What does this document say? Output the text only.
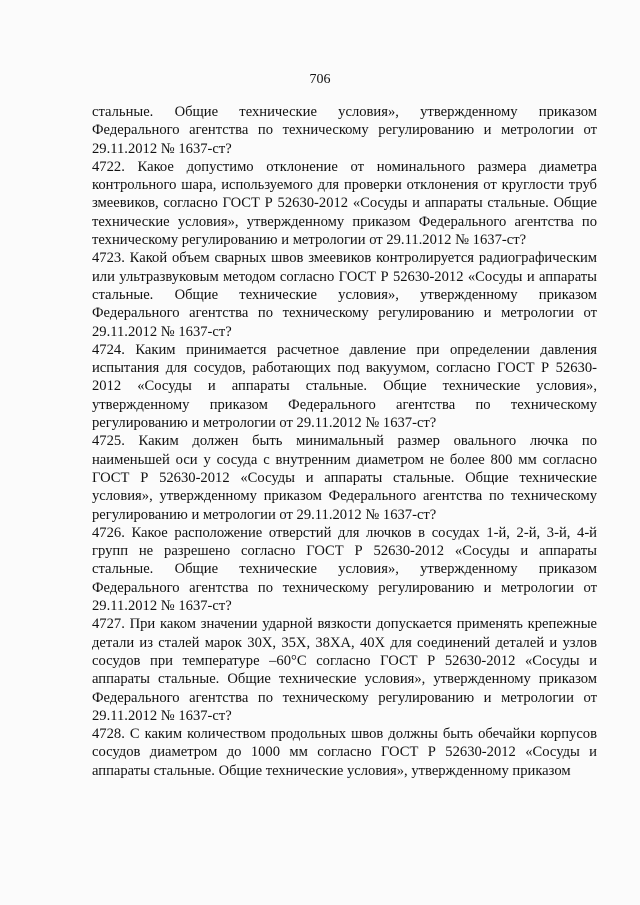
706

стальные. Общие технические условия», утвержденному приказом Федерального агентства по техническому регулированию и метрологии от 29.11.2012 № 1637-ст?

4722. Какое допустимо отклонение от номинального размера диаметра контрольного шара, используемого для проверки отклонения от круглости труб змеевиков, согласно ГОСТ Р 52630-2012 «Сосуды и аппараты стальные. Общие технические условия», утвержденному приказом Федерального агентства по техническому регулированию и метрологии от 29.11.2012 № 1637-ст?

4723. Какой объем сварных швов змеевиков контролируется радиографическим или ультразвуковым методом согласно ГОСТ Р 52630-2012 «Сосуды и аппараты стальные. Общие технические условия», утвержденному приказом Федерального агентства по техническому регулированию и метрологии от 29.11.2012 № 1637-ст?

4724. Каким принимается расчетное давление при определении давления испытания для сосудов, работающих под вакуумом, согласно ГОСТ Р 52630-2012 «Сосуды и аппараты стальные. Общие технические условия», утвержденному приказом Федерального агентства по техническому регулированию и метрологии от 29.11.2012 № 1637-ст?

4725. Каким должен быть минимальный размер овального лючка по наименьшей оси у сосуда с внутренним диаметром не более 800 мм согласно ГОСТ Р 52630-2012 «Сосуды и аппараты стальные. Общие технические условия», утвержденному приказом Федерального агентства по техническому регулированию и метрологии от 29.11.2012 № 1637-ст?

4726. Какое расположение отверстий для лючков в сосудах 1-й, 2-й, 3-й, 4-й групп не разрешено согласно ГОСТ Р 52630-2012 «Сосуды и аппараты стальные. Общие технические условия», утвержденному приказом Федерального агентства по техническому регулированию и метрологии от 29.11.2012 № 1637-ст?

4727. При каком значении ударной вязкости допускается применять крепежные детали из сталей марок 30Х, 35Х, 38ХА, 40Х для соединений деталей и узлов сосудов при температуре –60°С согласно ГОСТ Р 52630-2012 «Сосуды и аппараты стальные. Общие технические условия», утвержденному приказом Федерального агентства по техническому регулированию и метрологии от 29.11.2012 № 1637-ст?

4728. С каким количеством продольных швов должны быть обечайки корпусов сосудов диаметром до 1000 мм согласно ГОСТ Р 52630-2012 «Сосуды и аппараты стальные. Общие технические условия», утвержденному приказом
